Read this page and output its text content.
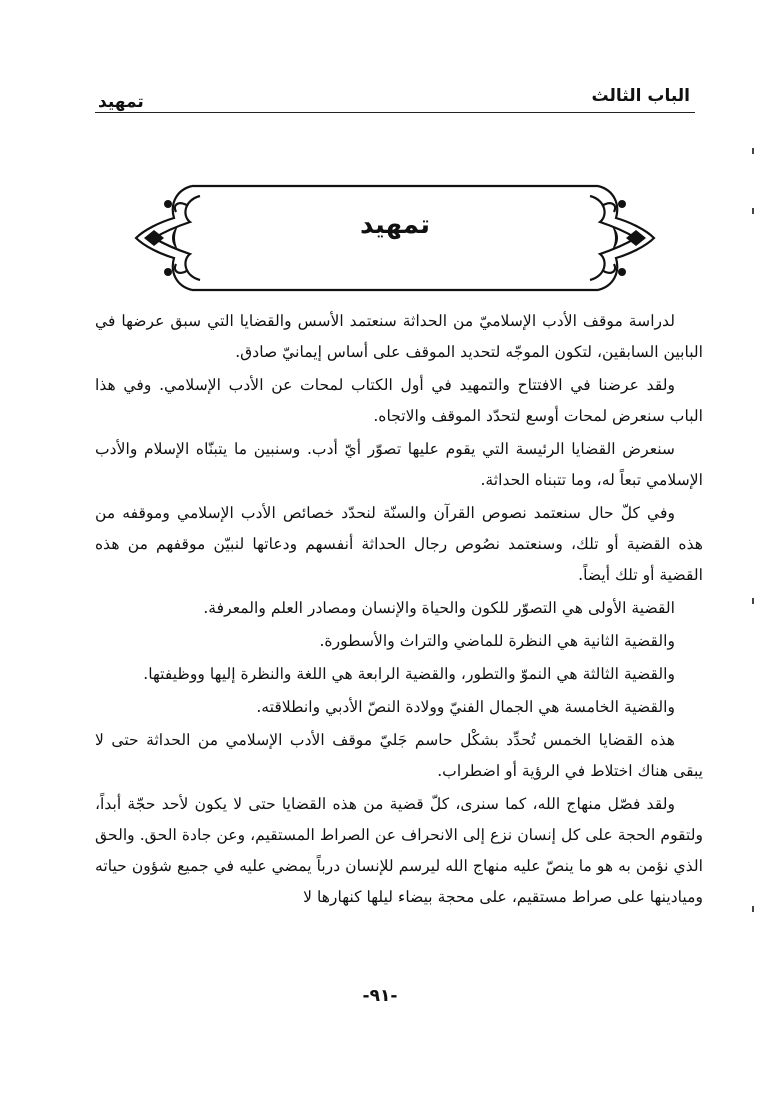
الباب الثالث
تمهيد
تمهيد

لدراسة موقف الأدب الإسلاميّ من الحداثة سنعتمد الأسس والقضايا التي سبق عرضها في البابين السابقين، لتكون الموجّه لتحديد الموقف على أساس إيمانيّ صادق.

ولقد عرضنا في الافتتاح والتمهيد في أول الكتاب لمحات عن الأدب الإسلامي. وفي هذا الباب سنعرض لمحات أوسع لتحدّد الموقف والاتجاه.

سنعرض القضايا الرئيسة التي يقوم عليها تصوّر أيّ أدب. وسنبين ما يتبنّاه الإسلام والأدب الإسلامي تبعاً له، وما تتبناه الحداثة.

وفي كلّ حال سنعتمد نصوص القرآن والسنّة لنحدّد خصائص الأدب الإسلامي وموقفه من هذه القضية أو تلك، وسنعتمد نصُوص رجال الحداثة أنفسهم ودعاتها لنبيّن موقفهم من هذه القضية أو تلك أيضاً.

القضية الأولى هي التصوّر للكون والحياة والإنسان ومصادر العلم والمعرفة.

والقضية الثانية هي النظرة للماضي والتراث والأسطورة.

والقضية الثالثة هي النموّ والتطور، والقضية الرابعة هي اللغة والنظرة إليها ووظيفتها.

والقضية الخامسة هي الجمال الفنيّ وولادة النصّ الأدبي وانطلاقته.

هذه القضايا الخمس تُحدِّد بشكْل حاسم جَليّ موقف الأدب الإسلامي من الحداثة حتى لا يبقى هناك اختلاط في الرؤية أو اضطراب.

ولقد فصّل منهاج الله، كما سنرى، كلّ قضية من هذه القضايا حتى لا يكون لأحد حجّة أبداً، ولتقوم الحجة على كل إنسان نزع إلى الانحراف عن الصراط المستقيم، وعن جادة الحق. والحق الذي نؤمن به هو ما ينصّ عليه منهاج الله ليرسم للإنسان درباً يمضي عليه في جميع شؤون حياته وميادينها على صراط مستقيم، على محجة بيضاء ليلها كنهارها لا

-٩١-
